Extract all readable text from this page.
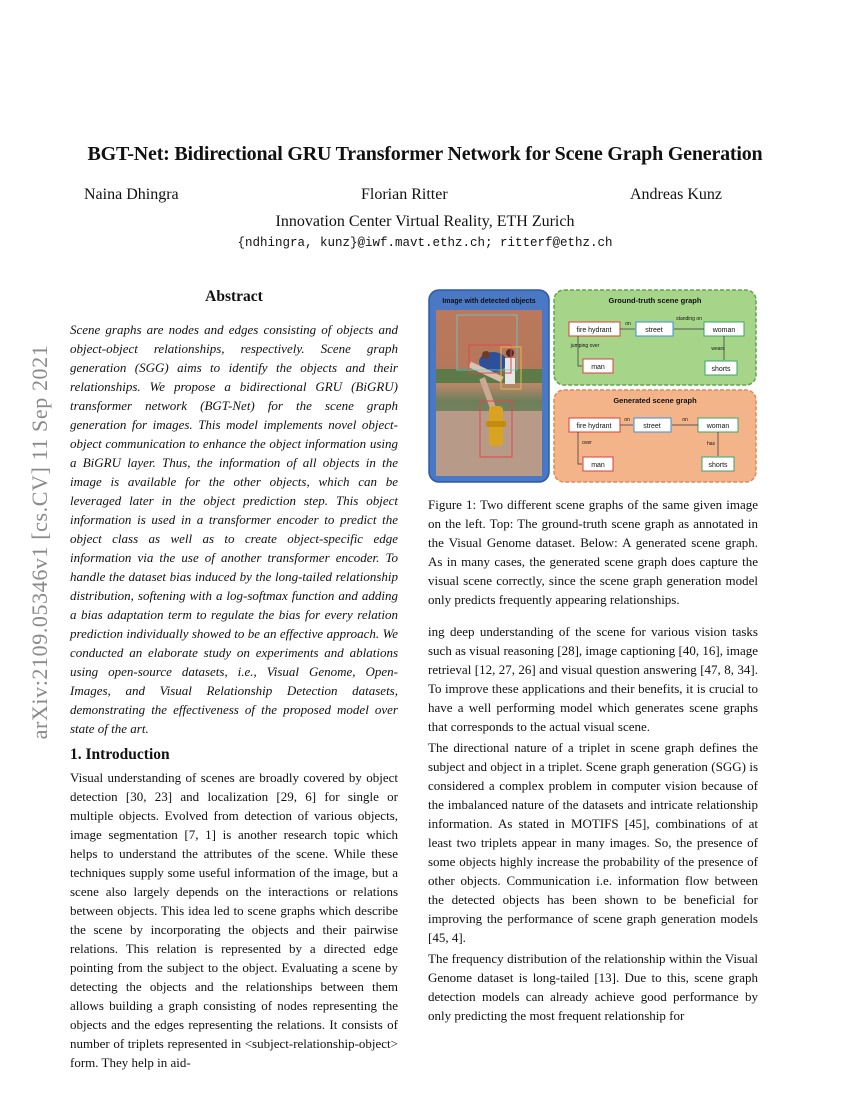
arXiv:2109.05346v1 [cs.CV] 11 Sep 2021
BGT-Net: Bidirectional GRU Transformer Network for Scene Graph Generation
Naina Dhingra	Florian Ritter	Andreas Kunz
Innovation Center Virtual Reality, ETH Zurich
{ndhingra, kunz}@iwf.mavt.ethz.ch; ritterf@ethz.ch
Abstract

Scene graphs are nodes and edges consisting of objects and object-object relationships, respectively. Scene graph generation (SGG) aims to identify the objects and their relationships. We propose a bidirectional GRU (BiGRU) transformer network (BGT-Net) for the scene graph generation for images. This model implements novel object-object communication to enhance the object information using a BiGRU layer. Thus, the information of all objects in the image is available for the other objects, which can be leveraged later in the object prediction step. This object information is used in a transformer encoder to predict the object class as well as to create object-specific edge information via the use of another transformer encoder. To handle the dataset bias induced by the long-tailed relationship distribution, softening with a log-softmax function and adding a bias adaptation term to regulate the bias for every relation prediction individually showed to be an effective approach. We conducted an elaborate study on experiments and ablations using open-source datasets, i.e., Visual Genome, Open-Images, and Visual Relationship Detection datasets, demonstrating the effectiveness of the proposed model over state of the art.

1. Introduction

Visual understanding of scenes are broadly covered by object detection [30, 23] and localization [29, 6] for single or multiple objects. Evolved from detection of various objects, image segmentation [7, 1] is another research topic which helps to understand the attributes of the scene. While these techniques supply some useful information of the image, but a scene also largely depends on the interactions or relations between objects. This idea led to scene graphs which describe the scene by incorporating the objects and their pairwise relations. This relation is represented by a directed edge pointing from the subject to the object. Evaluating a scene by detecting the objects and the relationships between them allows building a graph consisting of nodes representing the objects and the edges representing the relations. It consists of number of triplets represented in <subject-relationship-object> form. They help in aid-

Image with detected objects	Ground-truth scene graph
fire hydrant	street	woman
man	shorts
on
standing on
jumping over	wears
Generated scene graph
fire hydrant	street	woman
man	shorts
on	on
over	has

Figure 1: Two different scene graphs of the same given image on the left. Top: The ground-truth scene graph as annotated in the Visual Genome dataset. Below: A generated scene graph. As in many cases, the generated scene graph does capture the visual scene correctly, since the scene graph generation model only predicts frequently appearing relationships.

ing deep understanding of the scene for various vision tasks such as visual reasoning [28], image captioning [40, 16], image retrieval [12, 27, 26] and visual question answering [47, 8, 34]. To improve these applications and their benefits, it is crucial to have a well performing model which generates scene graphs that corresponds to the actual visual scene.

The directional nature of a triplet in scene graph defines the subject and object in a triplet. Scene graph generation (SGG) is considered a complex problem in computer vision because of the imbalanced nature of the datasets and intricate relationship information. As stated in MOTIFS [45], combinations of at least two triplets appear in many images. So, the presence of some objects highly increase the probability of the presence of other objects. Communication i.e. information flow between the detected objects has been shown to be beneficial for improving the performance of scene graph generation models [45, 4].

The frequency distribution of the relationship within the Visual Genome dataset is long-tailed [13]. Due to this, scene graph detection models can already achieve good performance by only predicting the most frequent relationship for
